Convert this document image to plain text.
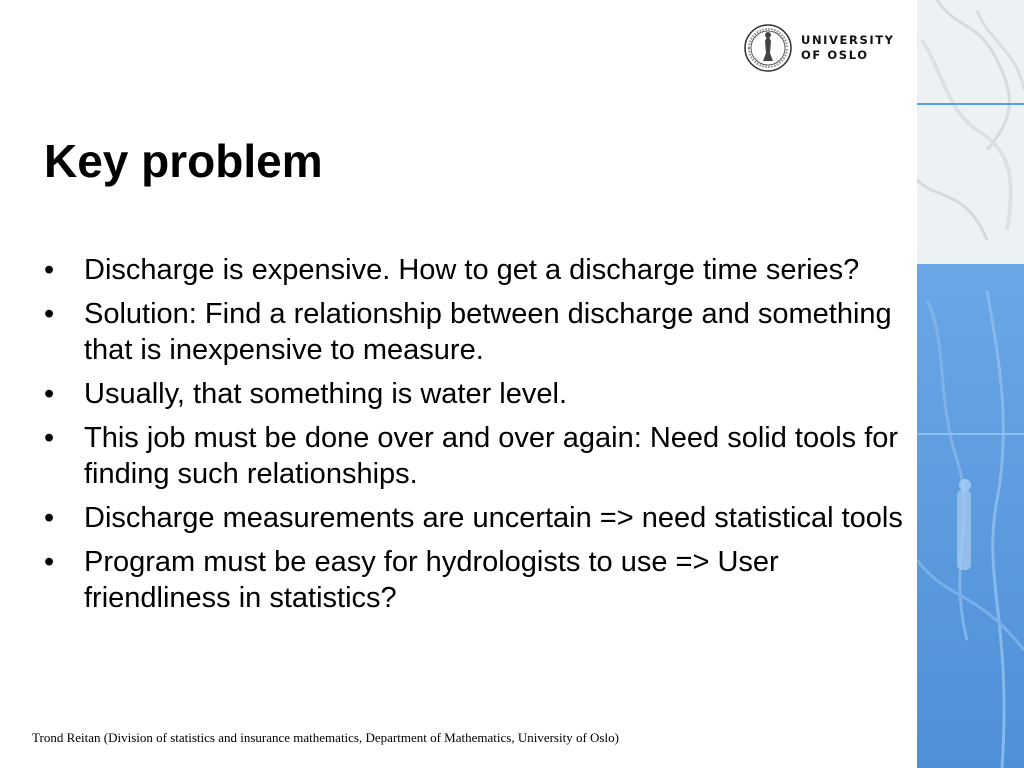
UNIVERSITY
OF OSLO
Key problem
•	Discharge is expensive. How to get a discharge time series?
•	Solution: Find a relationship between discharge and something that is inexpensive to measure.
•	Usually, that something is water level.
•	This job must be done over and over again: Need solid tools for finding such relationships.
•	Discharge measurements are uncertain => need statistical tools
•	Program must be easy for hydrologists to use => User friendliness in statistics?
Trond Reitan (Division of statistics and insurance mathematics, Department of Mathematics, University of Oslo)
